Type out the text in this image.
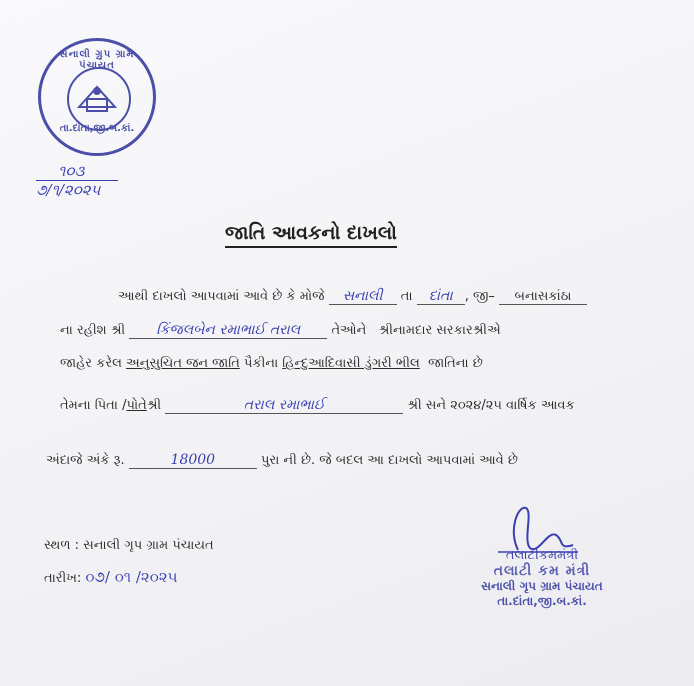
સનાલી ગ્રુપ ગ્રામ પંચાયત
તા.દાંતા,જી.બ.કાં.
૧૦૩
૭/૧/૨૦૨૫
જાતિ આવકનો દાખલો
આથી દાખલો આપવામાં આવે છે કે મોજે સનાલી તા દાંતા , જી– બનાસકાંઠા
ના રહીશ શ્રી કિંજલબેન રમાભાઈ તરાલ તેઓને શ્રીનામદાર સરકારશ્રીએ
જાહેર કરેલ અનુસુચિત જન જાતિ પૈકીના હિન્દુઆદિવાસી ડુંગરી ભીલ જાતિના છે
તેમના પિતા /પોતેશ્રી	તરાલ રમાભાઈ	શ્રી સને ૨૦૨૪/૨૫ વાર્ષિક આવક
અંદાજે અંકે રૂ.	18000	પુરા ની છે. જે બદલ આ દાખલો આપવામાં આવે છે
સ્થળ : સનાલી ગૃપ ગ્રામ પંચાયત
તારીખ: ૦૭/ ૦૧ /૨૦૨૫
તલાટીકમમંત્રી
તલાટી કમ મંત્રી
સનાલી ગૃપ ગ્રામ પંચાયત
તા.દાંતા,જી.બ.કાં.
